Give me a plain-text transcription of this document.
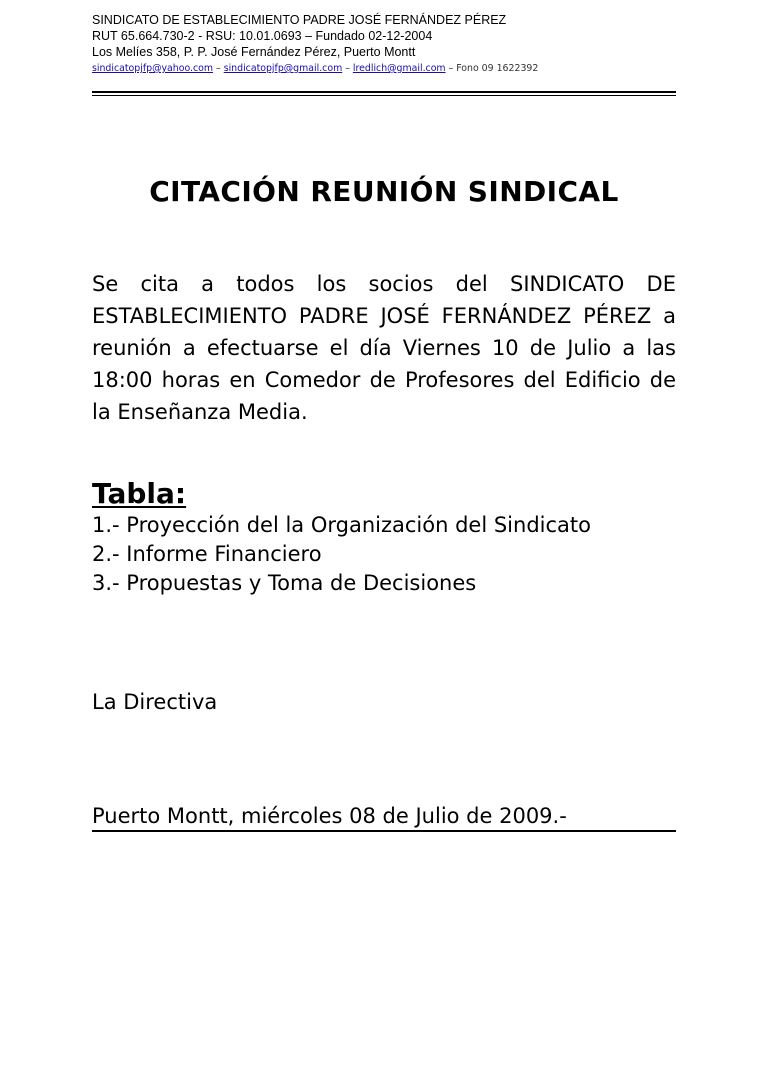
SINDICATO DE ESTABLECIMIENTO PADRE JOSÉ FERNÁNDEZ PÉREZ
RUT 65.664.730-2 - RSU: 10.01.0693 – Fundado 02-12-2004
Los Melíes 358, P. P. José Fernández Pérez, Puerto Montt
sindicatopjfp@yahoo.com – sindicatopjfp@gmail.com – lredlich@gmail.com – Fono 09 1622392
CITACIÓN REUNIÓN SINDICAL
Se cita a todos los socios del SINDICATO DE ESTABLECIMIENTO PADRE JOSÉ FERNÁNDEZ PÉREZ a reunión a efectuarse el día Viernes 10 de Julio a las 18:00 horas en Comedor de Profesores del Edificio de la Enseñanza Media.
Tabla:
1.- Proyección del la Organización del Sindicato
2.- Informe Financiero
3.- Propuestas y Toma de Decisiones
La Directiva
Puerto Montt, miércoles 08 de Julio de 2009.-
